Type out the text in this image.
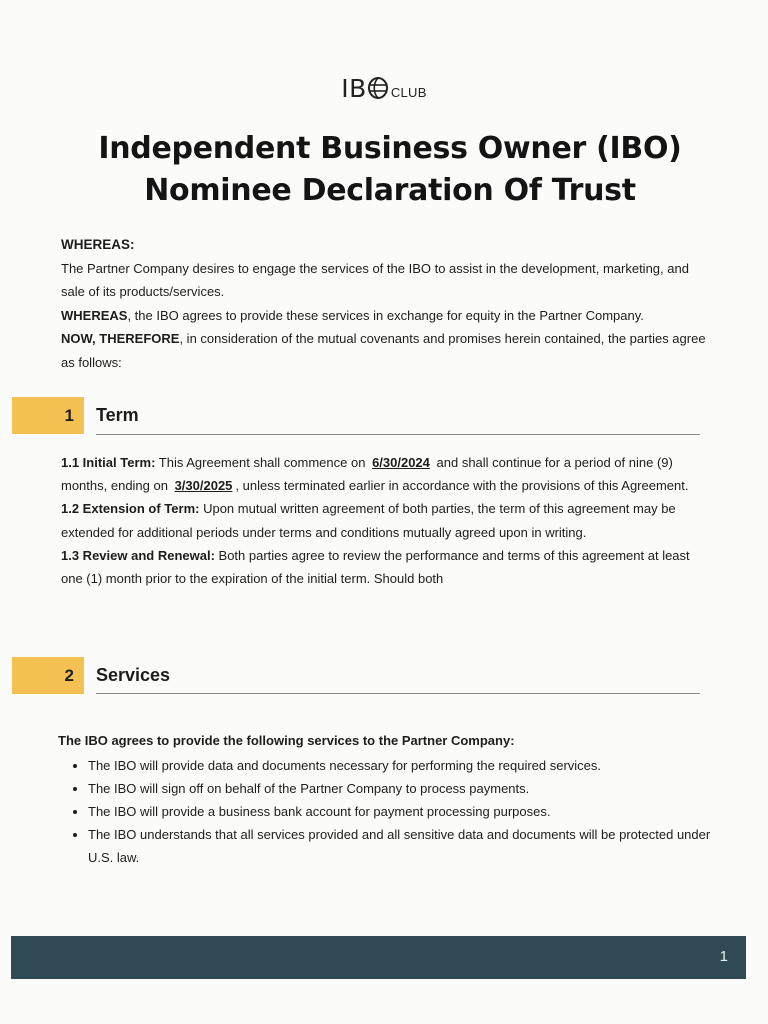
IB CLUB
Independent Business Owner (IBO)
Nominee Declaration Of Trust

WHEREAS:

The Partner Company desires to engage the services of the IBO to assist in the development, marketing, and sale of its products/services.

WHEREAS, the IBO agrees to provide these services in exchange for equity in the Partner Company.

NOW, THEREFORE, in consideration of the mutual covenants and promises herein contained, the parties agree as follows:

1	Term

1.1 Initial Term: This Agreement shall commence on 6/30/2024 and shall continue for a period of nine (9) months, ending on 3/30/2025 , unless terminated earlier in accordance with the provisions of this Agreement.

1.2 Extension of Term: Upon mutual written agreement of both parties, the term of this agreement may be extended for additional periods under terms and conditions mutually agreed upon in writing.

1.3 Review and Renewal: Both parties agree to review the performance and terms of this agreement at least one (1) month prior to the expiration of the initial term. Should both

2	Services
The IBO agrees to provide the following services to the Partner Company:
• The IBO will provide data and documents necessary for performing the required services.
• The IBO will sign off on behalf of the Partner Company to process payments.
• The IBO will provide a business bank account for payment processing purposes.
• The IBO understands that all services provided and all sensitive data and documents will be protected under U.S. law.
1
